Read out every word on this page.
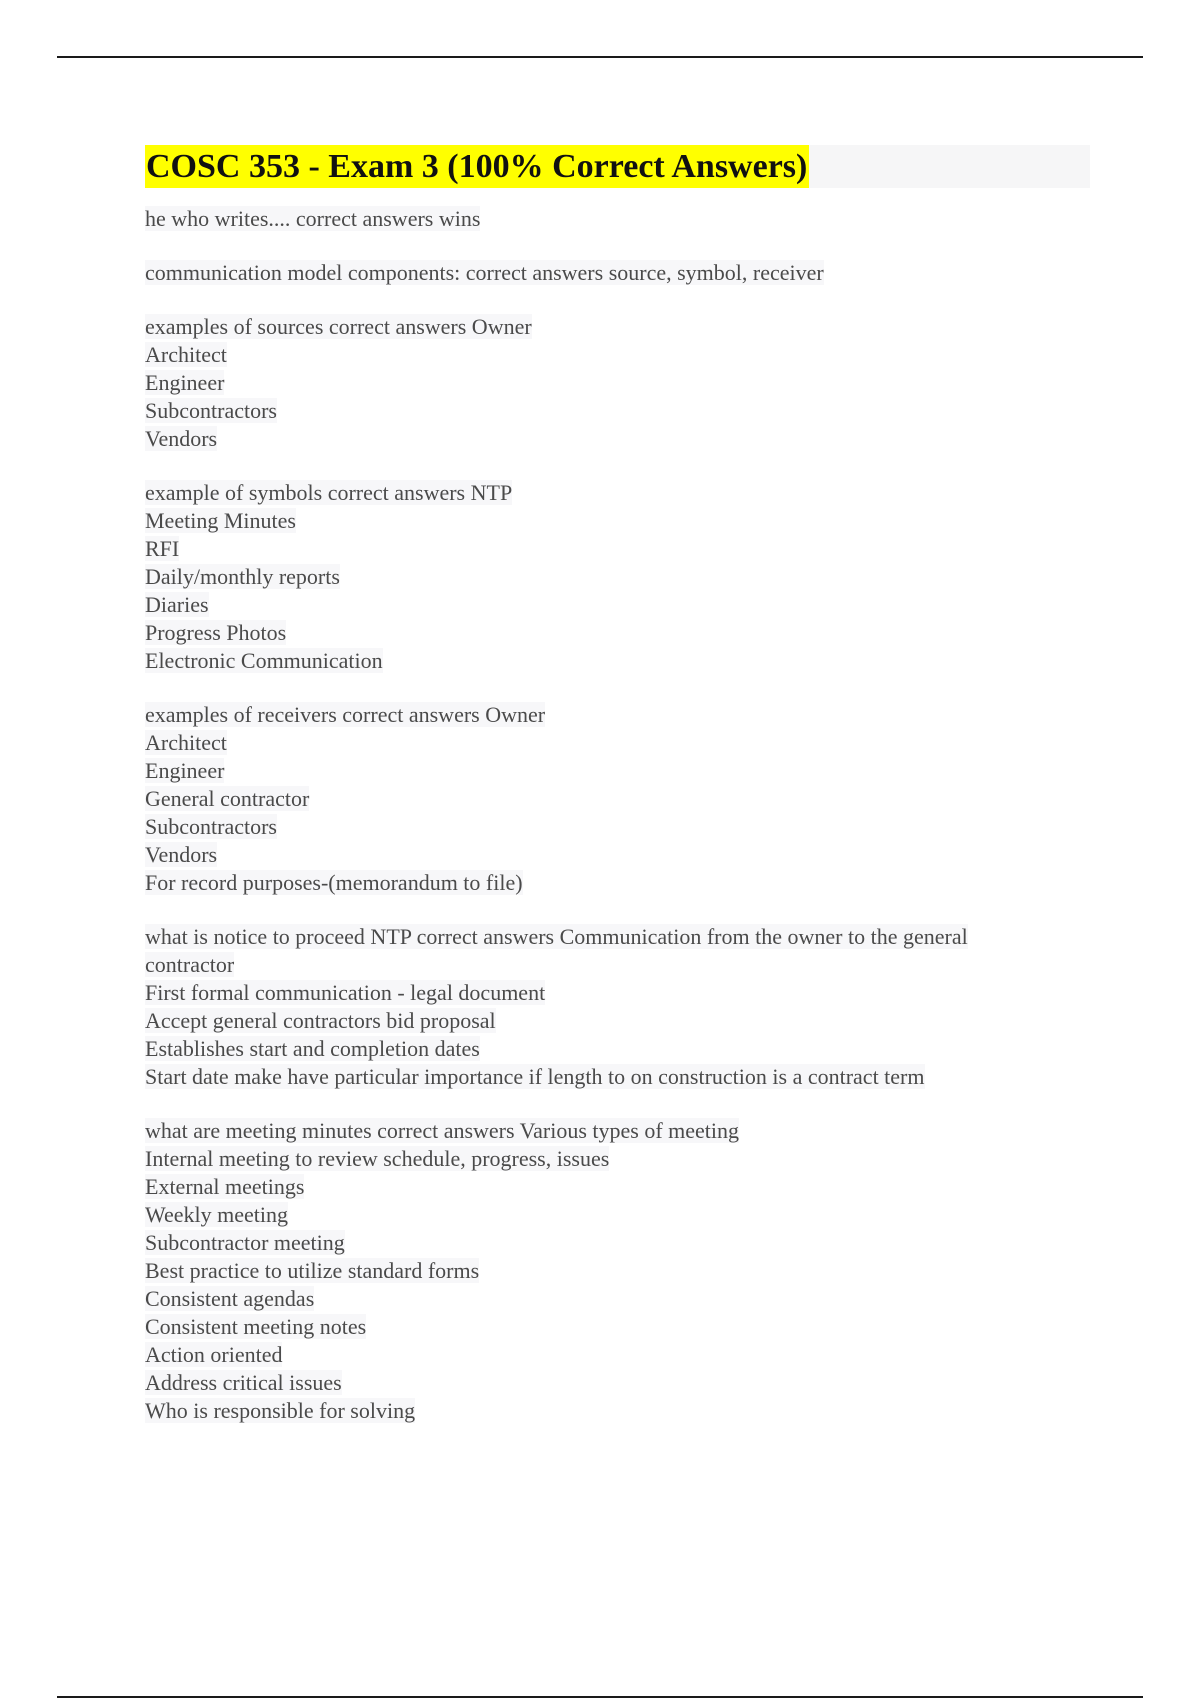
COSC 353 - Exam 3 (100% Correct Answers)
he who writes.... correct answers wins
communication model components: correct answers source, symbol, receiver
examples of sources correct answers Owner
Architect
Engineer
Subcontractors
Vendors
example of symbols correct answers NTP
Meeting Minutes
RFI
Daily/monthly reports
Diaries
Progress Photos
Electronic Communication
examples of receivers correct answers Owner
Architect
Engineer
General contractor
Subcontractors
Vendors
For record purposes-(memorandum to file)
what is notice to proceed NTP correct answers Communication from the owner to the general
contractor
First formal communication - legal document
Accept general contractors bid proposal
Establishes start and completion dates
Start date make have particular importance if length to on construction is a contract term
what are meeting minutes correct answers Various types of meeting
Internal meeting to review schedule, progress, issues
External meetings
Weekly meeting
Subcontractor meeting
Best practice to utilize standard forms
Consistent agendas
Consistent meeting notes
Action oriented
Address critical issues
Who is responsible for solving
